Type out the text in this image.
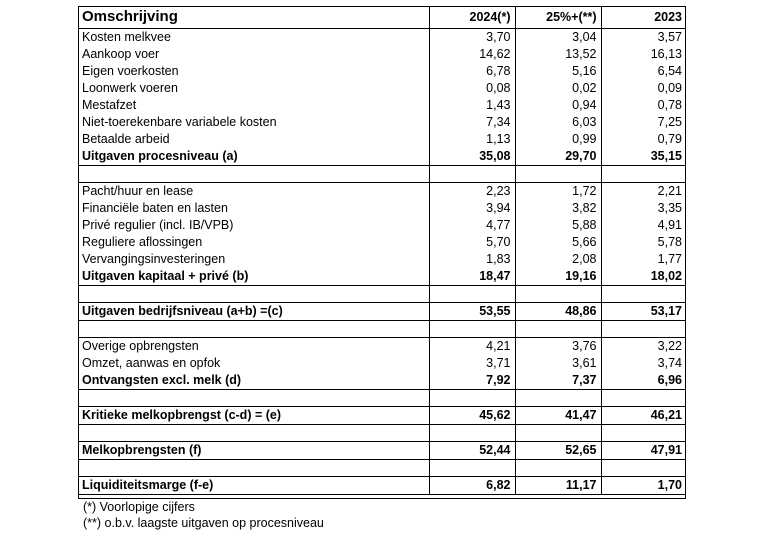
Omschrijving	2024(*)	25%+(**)	2023
Kosten melkvee	3,70	3,04	3,57
Aankoop voer	14,62	13,52	16,13
Eigen voerkosten	6,78	5,16	6,54
Loonwerk voeren	0,08	0,02	0,09
Mestafzet	1,43	0,94	0,78
Niet-toerekenbare variabele kosten	7,34	6,03	7,25
Betaalde arbeid	1,13	0,99	0,79
Uitgaven procesniveau (a)	35,08	29,70	35,15

Pacht/huur en lease	2,23	1,72	2,21
Financiële baten en lasten	3,94	3,82	3,35
Privé regulier (incl. IB/VPB)	4,77	5,88	4,91
Reguliere aflossingen	5,70	5,66	5,78
Vervangingsinvesteringen	1,83	2,08	1,77
Uitgaven kapitaal + privé (b)	18,47	19,16	18,02

Uitgaven bedrijfsniveau (a+b) =(c)	53,55	48,86	53,17

Overige opbrengsten	4,21	3,76	3,22
Omzet, aanwas en opfok	3,71	3,61	3,74
Ontvangsten excl. melk (d)	7,92	7,37	6,96

Kritieke melkopbrengst (c-d) = (e)	45,62	41,47	46,21

Melkopbrengsten (f)	52,44	52,65	47,91

Liquiditeitsmarge (f-e)	6,82	11,17	1,70
(*) Voorlopige cijfers
(**) o.b.v. laagste uitgaven op procesniveau
